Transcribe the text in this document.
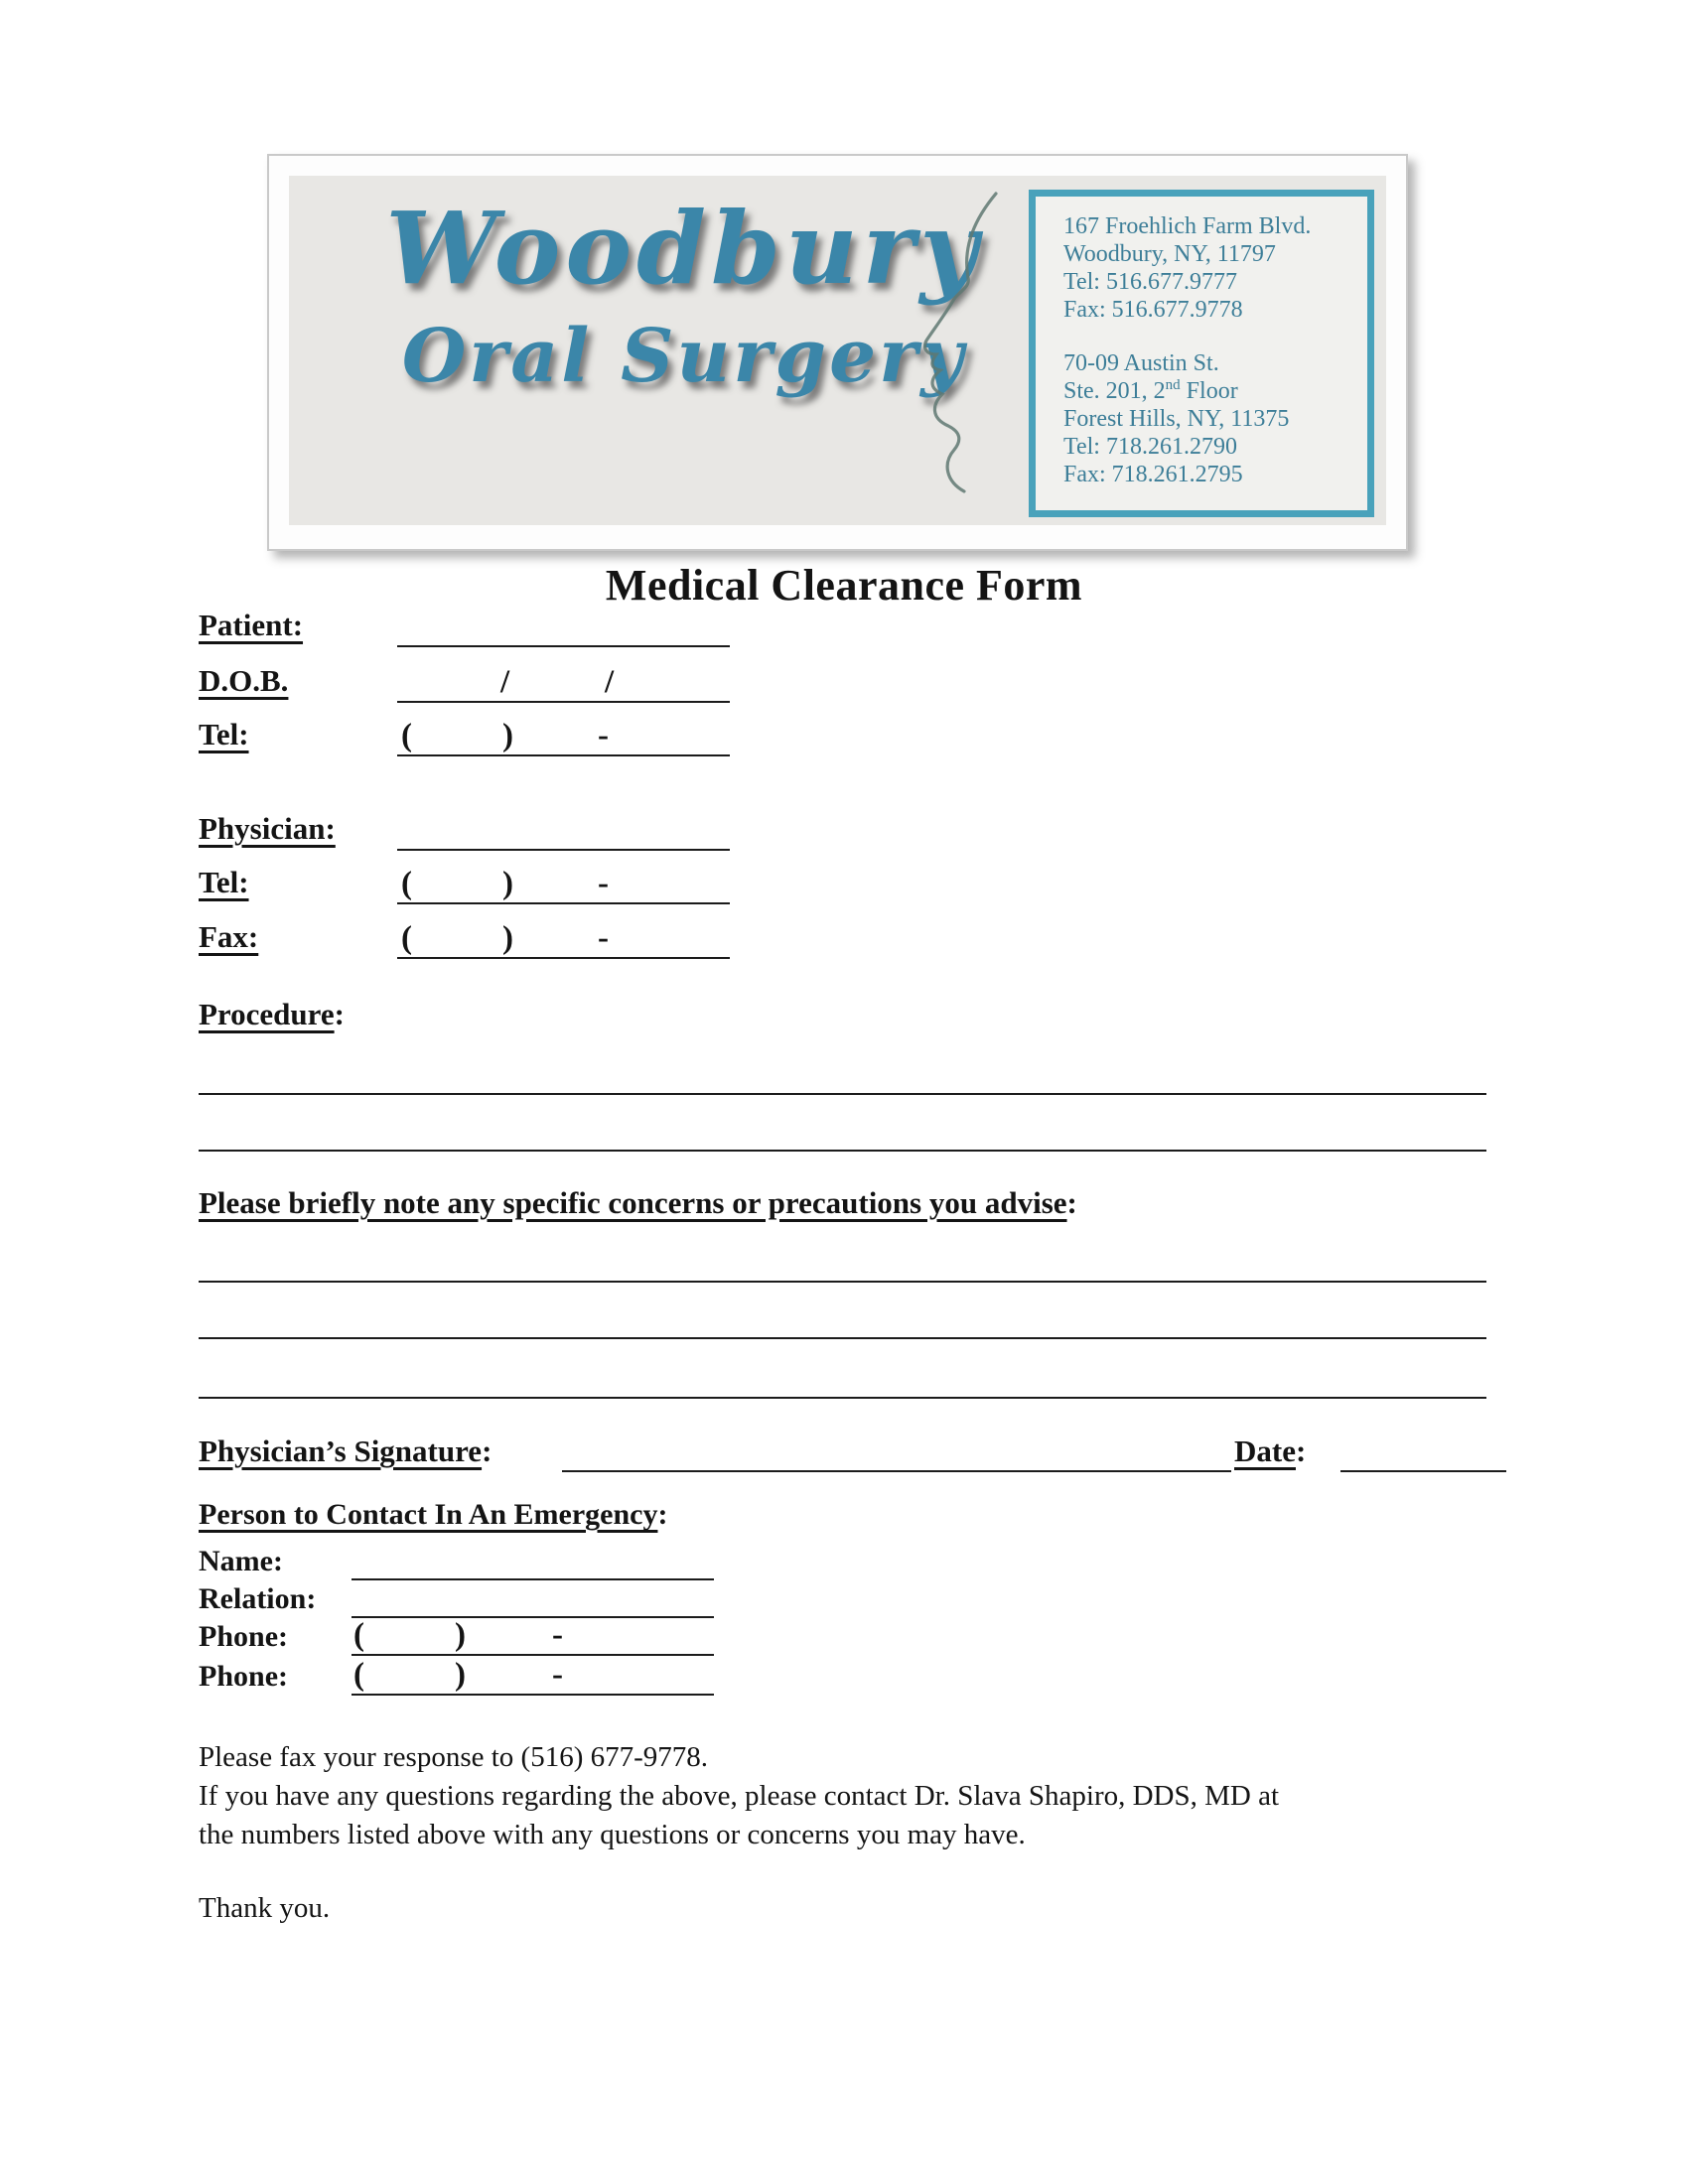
Woodbury
Oral Surgery
167 Froehlich Farm Blvd.
Woodbury, NY, 11797
Tel: 516.677.9777
Fax: 516.677.9778
70-09 Austin St.
Ste. 201, 2nd Floor
Forest Hills, NY, 11375
Tel: 718.261.2790
Fax: 718.261.2795
Medical Clearance Form
Patient:
D.O.B.	/	/
Tel:	(	)	-
Physician:
Tel:	(	)	-
Fax:	(	)	-
Procedure:
Please briefly note any specific concerns or precautions you advise:
Physician’s Signature:	Date:
Person to Contact In An Emergency:
Name:
Relation:
Phone:	(	)	-
Phone:	(	)	-
Please fax your response to (516) 677-9778.
If you have any questions regarding the above, please contact Dr. Slava Shapiro, DDS, MD at
the numbers listed above with any questions or concerns you may have.
Thank you.
